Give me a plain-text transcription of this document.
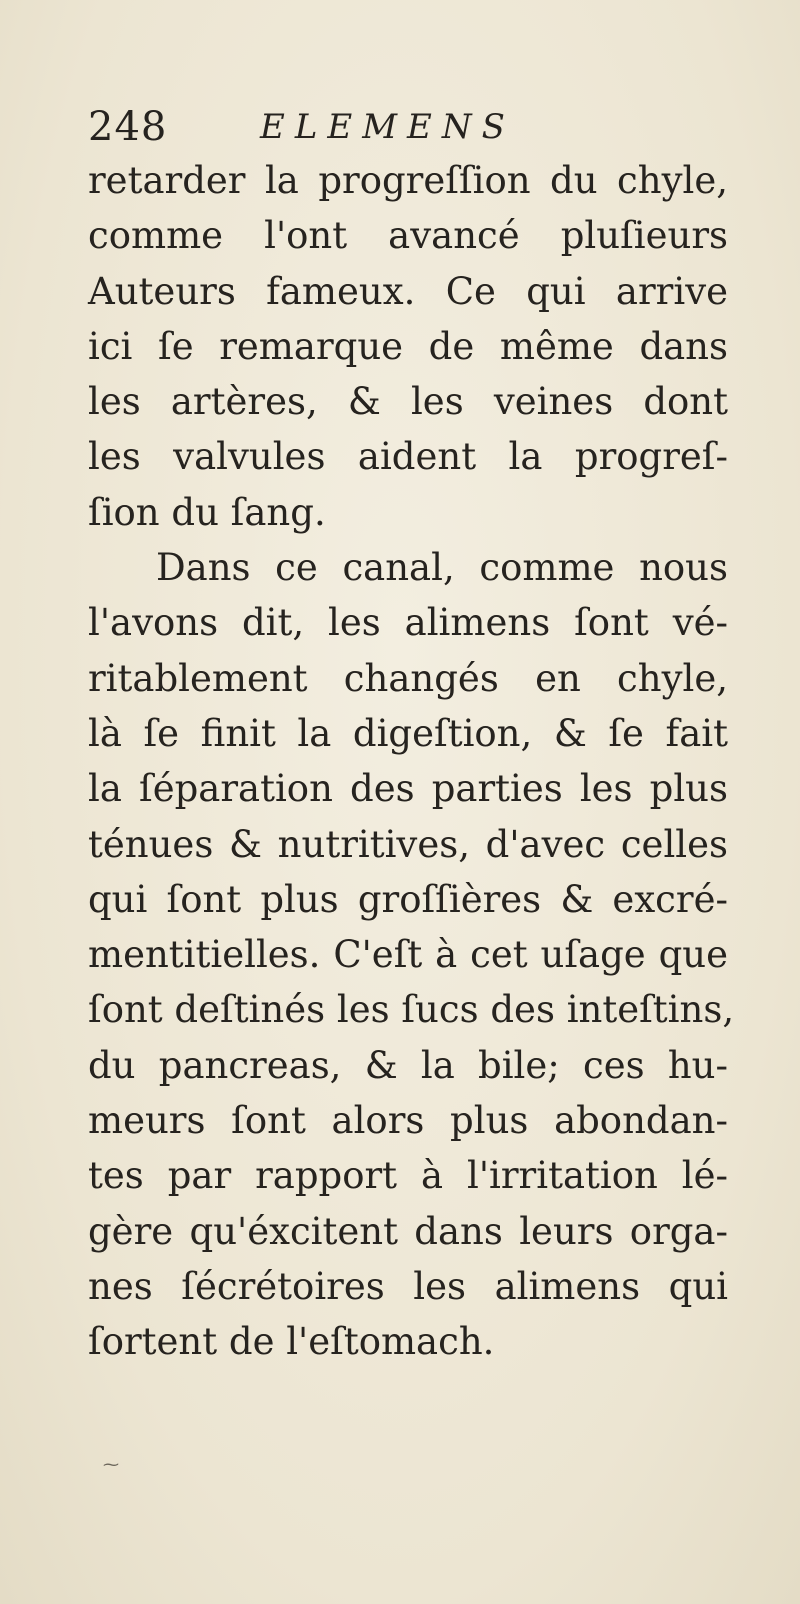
248	ELEMENS
retarder la progreſſion du chyle,
comme l'ont avancé pluſieurs
Auteurs fameux. Ce qui arrive
ici ſe remarque de même dans
les artères, & les veines dont
les valvules aident la progreſ-
ſion du ſang.
Dans ce canal, comme nous
l'avons dit, les alimens ſont vé-
ritablement changés en chyle,
là ſe finit la digeſtion, & ſe fait
la ſéparation des parties les plus
ténues & nutritives, d'avec celles
qui ſont plus groſſières & excré-
mentitielles. C'eſt à cet uſage que
ſont deſtinés les ſucs des inteſtins,
du pancreas, & la bile; ces hu-
meurs ſont alors plus abondan-
tes par rapport à l'irritation lé-
gère qu'éxcitent dans leurs orga-
nes ſécrétoires les alimens qui
ſortent de l'eſtomach.
⁓
